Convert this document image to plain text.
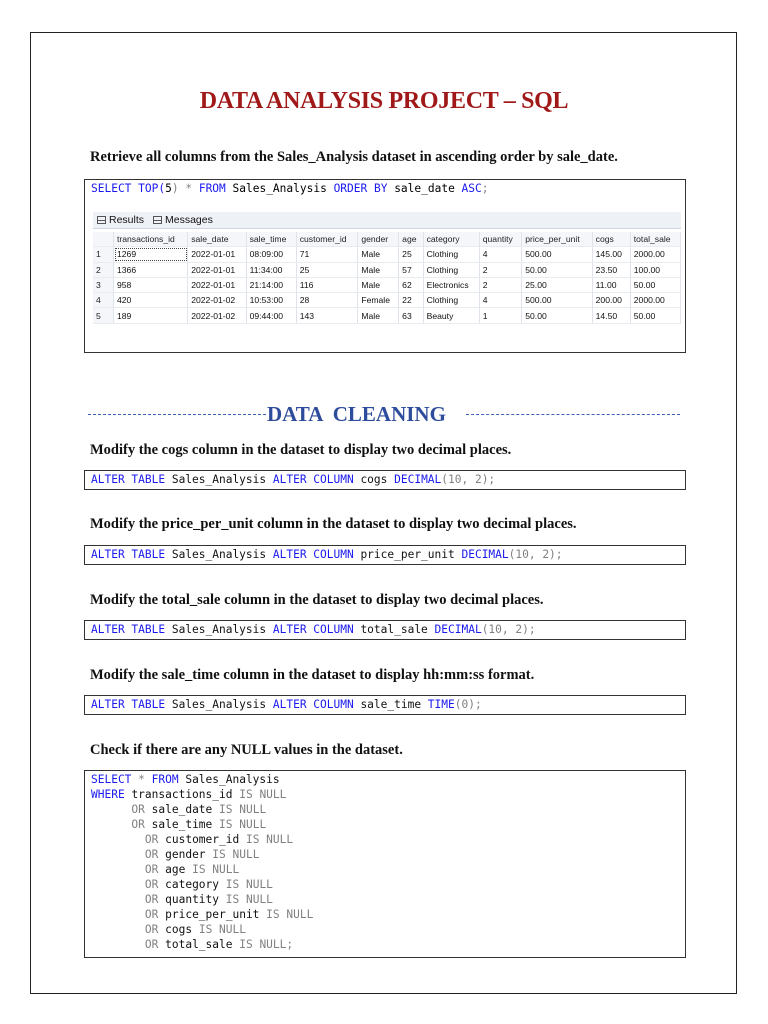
DATA ANALYSIS PROJECT – SQL
Retrieve all columns from the Sales_Analysis dataset in ascending order by sale_date.
SELECT TOP(5) * FROM Sales_Analysis ORDER BY sale_date ASC;
Results Messages
	transactions_id	sale_date	sale_time	customer_id	gender	age	category	quantity	price_per_unit	cogs	total_sale
1	1269	2022-01-01	08:09:00	71	Male	25	Clothing	4	500.00	145.00	2000.00
2	1366	2022-01-01	11:34:00	25	Male	57	Clothing	2	50.00	23.50	100.00
3	958	2022-01-01	21:14:00	116	Male	62	Electronics	2	25.00	11.00	50.00
4	420	2022-01-02	10:53:00	28	Female	22	Clothing	4	500.00	200.00	2000.00
5	189	2022-01-02	09:44:00	143	Male	63	Beauty	1	50.00	14.50	50.00
DATA  CLEANING
Modify the cogs column in the dataset to display two decimal places.
ALTER TABLE Sales_Analysis ALTER COLUMN cogs DECIMAL(10, 2);
Modify the price_per_unit column in the dataset to display two decimal places.
ALTER TABLE Sales_Analysis ALTER COLUMN price_per_unit DECIMAL(10, 2);
Modify the total_sale column in the dataset to display two decimal places.
ALTER TABLE Sales_Analysis ALTER COLUMN total_sale DECIMAL(10, 2);
Modify the sale_time column in the dataset to display hh:mm:ss format.
ALTER TABLE Sales_Analysis ALTER COLUMN sale_time TIME(0);
Check if there are any NULL values in the dataset.
SELECT * FROM Sales_Analysis
WHERE transactions_id IS NULL
OR sale_date IS NULL
OR sale_time IS NULL
OR customer_id IS NULL
OR gender IS NULL
OR age IS NULL
OR category IS NULL
OR quantity IS NULL
OR price_per_unit IS NULL
OR cogs IS NULL
OR total_sale IS NULL;
